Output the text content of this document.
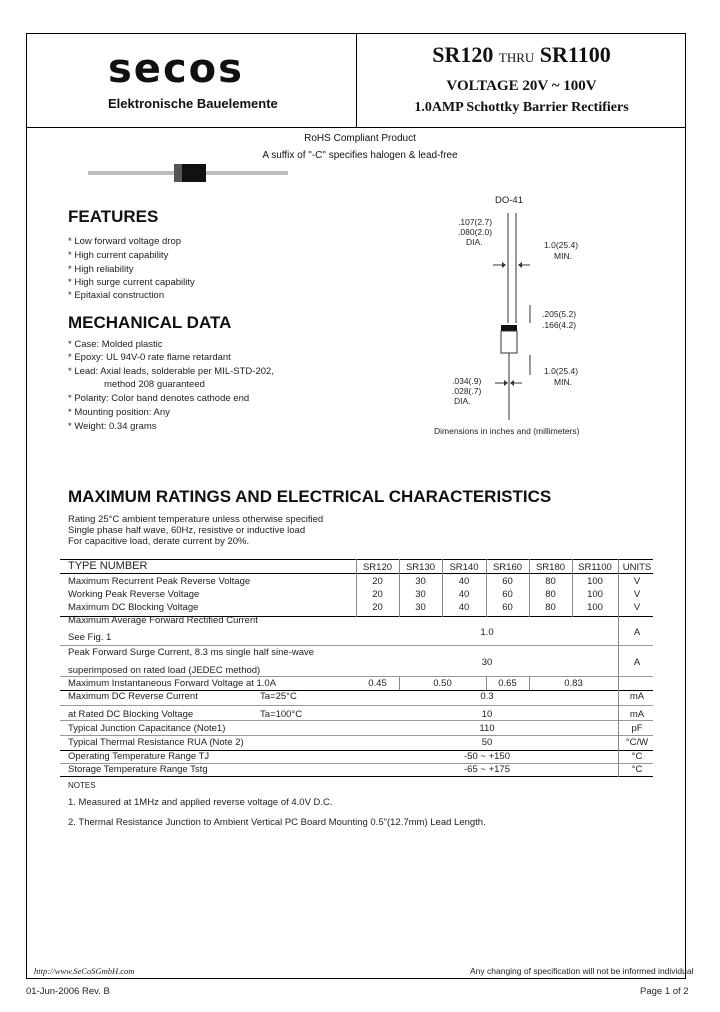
secos
Elektronische Bauelemente
SR120 THRU SR1100
VOLTAGE 20V ~ 100V
1.0AMP Schottky Barrier Rectifiers
RoHS Compliant Product
A suffix of "-C" specifies halogen & lead-free
FEATURES
* Low forward voltage drop
* High current capability
* High reliability
* High surge current capability
* Epitaxial construction
MECHANICAL DATA
* Case: Molded plastic
* Epoxy: UL 94V-0 rate flame retardant
* Lead: Axial leads, solderable per MIL-STD-202,
method 208 guaranteed
* Polarity: Color band denotes cathode end
* Mounting position: Any
* Weight: 0.34 grams
DO-41
.107(2.7)
.080(2.0)
DIA.	1.0(25.4)
MIN.
.205(5.2)
.166(4.2)
1.0(25.4)
MIN.
.034(.9)
.028(.7)
DIA.
Dimensions in inches and (millimeters)
MAXIMUM RATINGS AND ELECTRICAL CHARACTERISTICS
Rating 25°C ambient temperature unless otherwise specified
Single phase half wave, 60Hz, resistive or inductive load
For capacitive load, derate current by 20%.
TYPE NUMBER	SR120	SR130	SR140	SR160	SR180	SR1100	UNITS
Maximum Recurrent Peak Reverse Voltage	20	30	40	60	80	100	V
Working Peak Reverse Voltage	20	30	40	60	80	100	V
Maximum DC Blocking Voltage	20	30	40	60	80	100	V
Maximum Average Forward Rectified Current
See Fig. 1	1.0	A
Peak Forward Surge Current, 8.3 ms single half sine-wave
superimposed on rated load (JEDEC method)
30	A
Maximum Instantaneous Forward Voltage at 1.0A	0.45	0.50	0.65	0.83
Maximum DC Reverse Current	Ta=25°C	0.3	mA
at Rated DC Blocking Voltage	Ta=100°C	10	mA
Typical Junction Capacitance (Note1)	110	pF
Typical Thermal Resistance RUA (Note 2)	50	°C/W
Operating Temperature Range TJ	-50 ~ +150	°C
Storage Temperature Range Tstg	-65 ~ +175	°C
NOTES
1. Measured at 1MHz and applied reverse voltage of 4.0V D.C.
2. Thermal Resistance Junction to Ambient Vertical PC Board Mounting 0.5"(12.7mm) Lead Length.
http://www.SeCoSGmbH.com	Any changing of specification will not be informed individual
01-Jun-2006 Rev. B	Page 1 of 2
